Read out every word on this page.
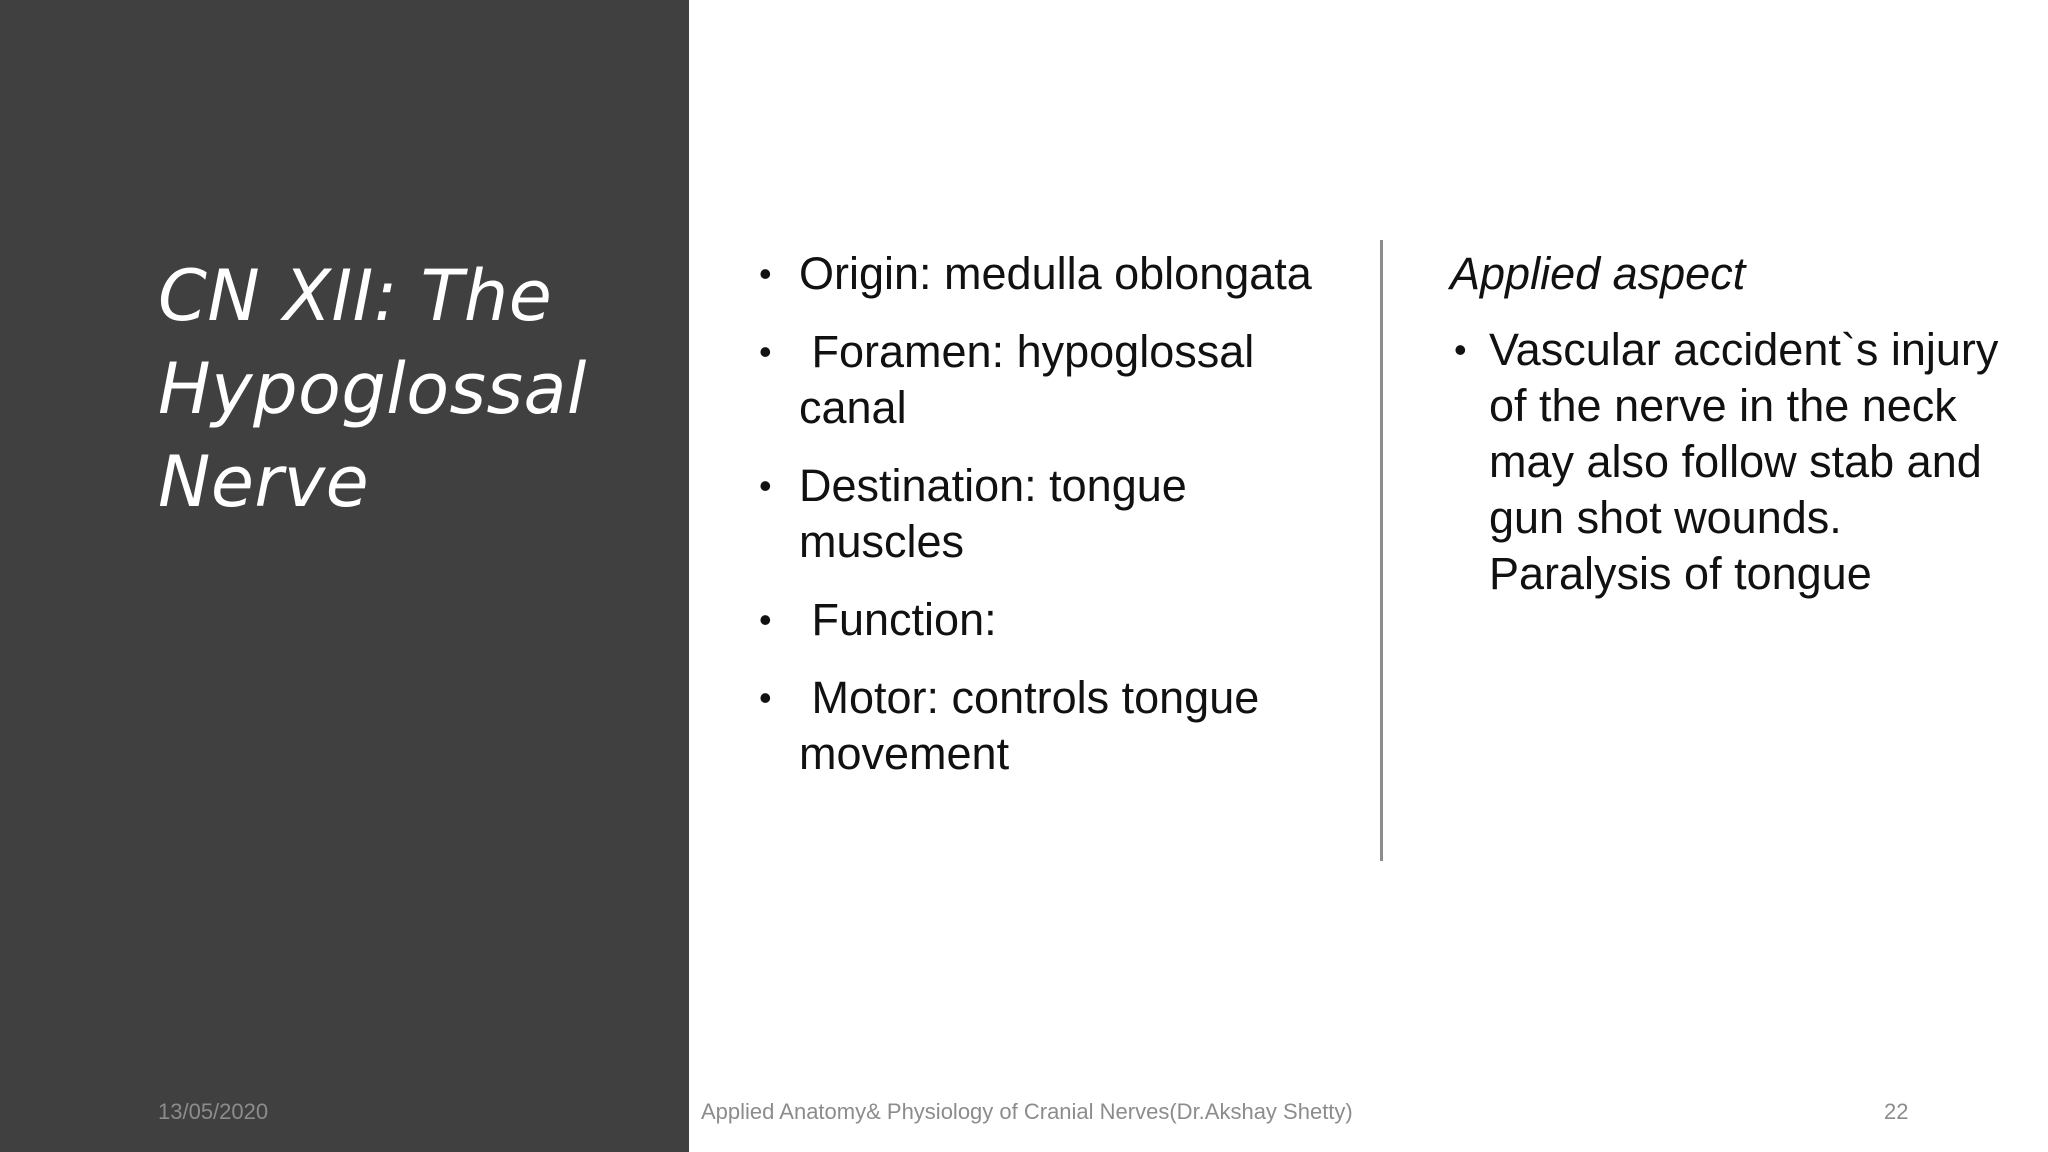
CN XII: The Hypoglossal Nerve
• Origin: medulla oblongata
• Foramen: hypoglossal canal
• Destination: tongue muscles
• Function:
• Motor: controls tongue movement
Applied aspect
• Vascular accident`s injury of the nerve in the neck may also follow stab and gun shot wounds. Paralysis of tongue
13/05/2020	Applied Anatomy& Physiology of Cranial Nerves(Dr.Akshay Shetty)	22
